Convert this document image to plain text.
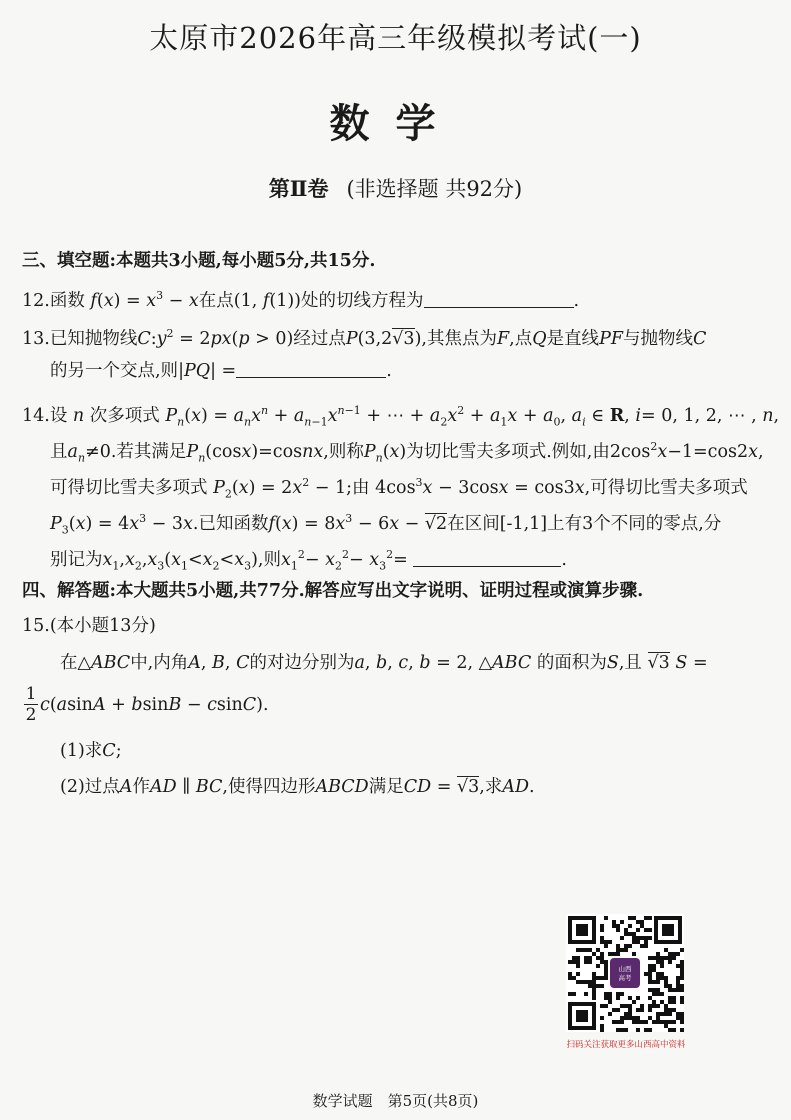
太原市2026年高三年级模拟考试(一)
数学
第Ⅱ卷 (非选择题 共92分)
三、填空题:本题共3小题,每小题5分,共15分.
12.函数 $f(x) = x^3 - x$在点(1, f(1))处的切线方程为	.
13.已知抛物线$C:y^2 = 2px(p > 0)$经过点P(3,2√3),其焦点为F,点Q是直线PF与抛物线C
的另一个交点,则|PQ| =	.
14.设 n 次多项式 $P_n(x) = a_nx^n + a_{n-1}x^{n-1}$ + ⋯ + $a_2x^2 + a_1x + a_0$, $a_i$ ∈ R, i= 0, 1, 2, ⋯ , n,
且$a_n\ne 0$.若其满足$P_n(\cos x)=cosnx$,则称$P_n(x)$为切比雪夫多项式.例如,由$2\cos^2x-1=\cos 2x$,
可得切比雪夫多项式 $P_2(x) = 2x^2 - 1$;由 $4\cos^3x - 3\cos x = \cos 3x$,可得切比雪夫多项式
$P_3(x) = 4x^3 - 3x$.已知函数$f(x) = 8x^3 - 6x - √2$在区间[-1,1]上有3个不同的零点,分
别记为$x_1,x_2,x_3(x_1<x_2<x_3)$,则$x_1^2- x_2^2- x_3^2=$	.
四、解答题:本大题共5小题,共77分.解答应写出文字说明、证明过程或演算步骤.
15.(本小题13分)
在△ABC中,内角A, B, C的对边分别为a, b, c, b = 2, △ABC 的面积为S,且 √3 S =
$\frac{1}{2} c(asinA + bsinB - csinC)$.
(1)求C;
(2)过点A作AD ∥ BC,使得四边形ABCD满足CD = √3,求AD.
山西
高考
扫码关注获取更多山西高中资料
数学试题　第5页(共8页)
